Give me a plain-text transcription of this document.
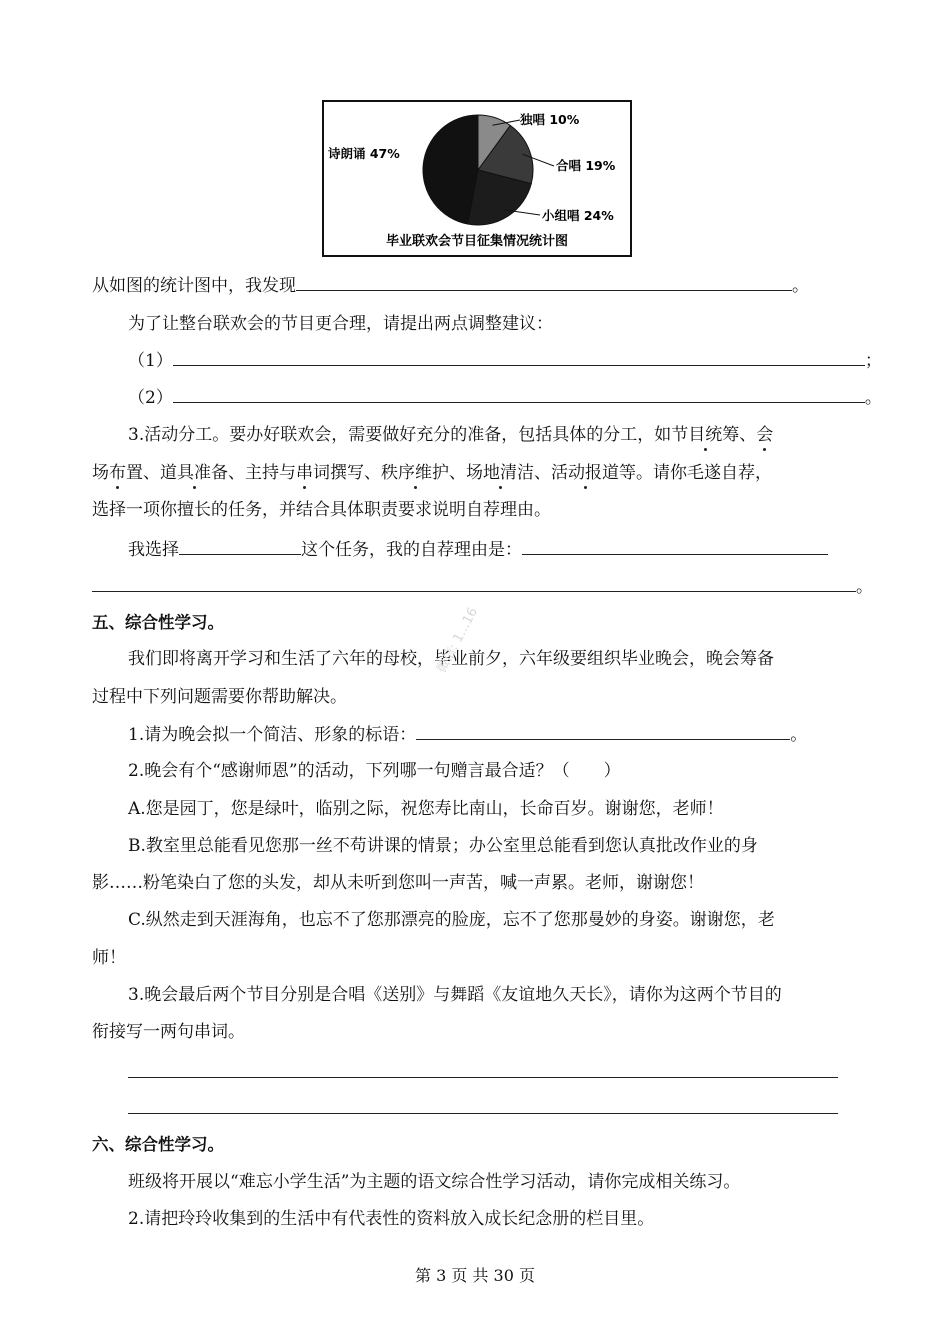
诗朗诵 47%
独唱 10%
合唱 19%
小组唱 24%
毕业联欢会节目征集情况统计图
从如图的统计图中，我发现	。
为了让整台联欢会的节目更合理，请提出两点调整建议：
（1）	；
（2）	。
3.活动分工。要办好联欢会，需要做好充分的准备，包括具体的分工，如节目统筹、会
场布置、道具准备、主持与串词撰写、秩序维护、场地清洁、活动报道等。请你毛遂自荐，
选择一项你擅长的任务，并结合具体职责要求说明自荐理由。
我选择	这个任务，我的自荐理由是：
。
五、综合性学习。
我们即将离开学习和生活了六年的母校，毕业前夕，六年级要组织毕业晚会，晚会筹备
过程中下列问题需要你帮助解决。
1.请为晚会拟一个简洁、形象的标语：	。
2.晚会有个“感谢师恩”的活动，下列哪一句赠言最合适？（　　）
A.您是园丁，您是绿叶，临别之际，祝您寿比南山，长命百岁。谢谢您，老师！
B.教室里总能看见您那一丝不苟讲课的情景；办公室里总能看到您认真批改作业的身
影……粉笔染白了您的头发，却从未听到您叫一声苦，喊一声累。老师，谢谢您！
C.纵然走到天涯海角，也忘不了您那漂亮的脸庞，忘不了您那曼妙的身姿。谢谢您，老
师！
3.晚会最后两个节目分别是合唱《送别》与舞蹈《友谊地久天长》，请你为这两个节目的
衔接写一两句串词。
六、综合性学习。
班级将开展以“难忘小学生活”为主题的语文综合性学习活动，请你完成相关练习。
2.请把玲玲收集到的生活中有代表性的资料放入成长纪念册的栏目里。
微信: 1...16
第 3 页 共 30 页
